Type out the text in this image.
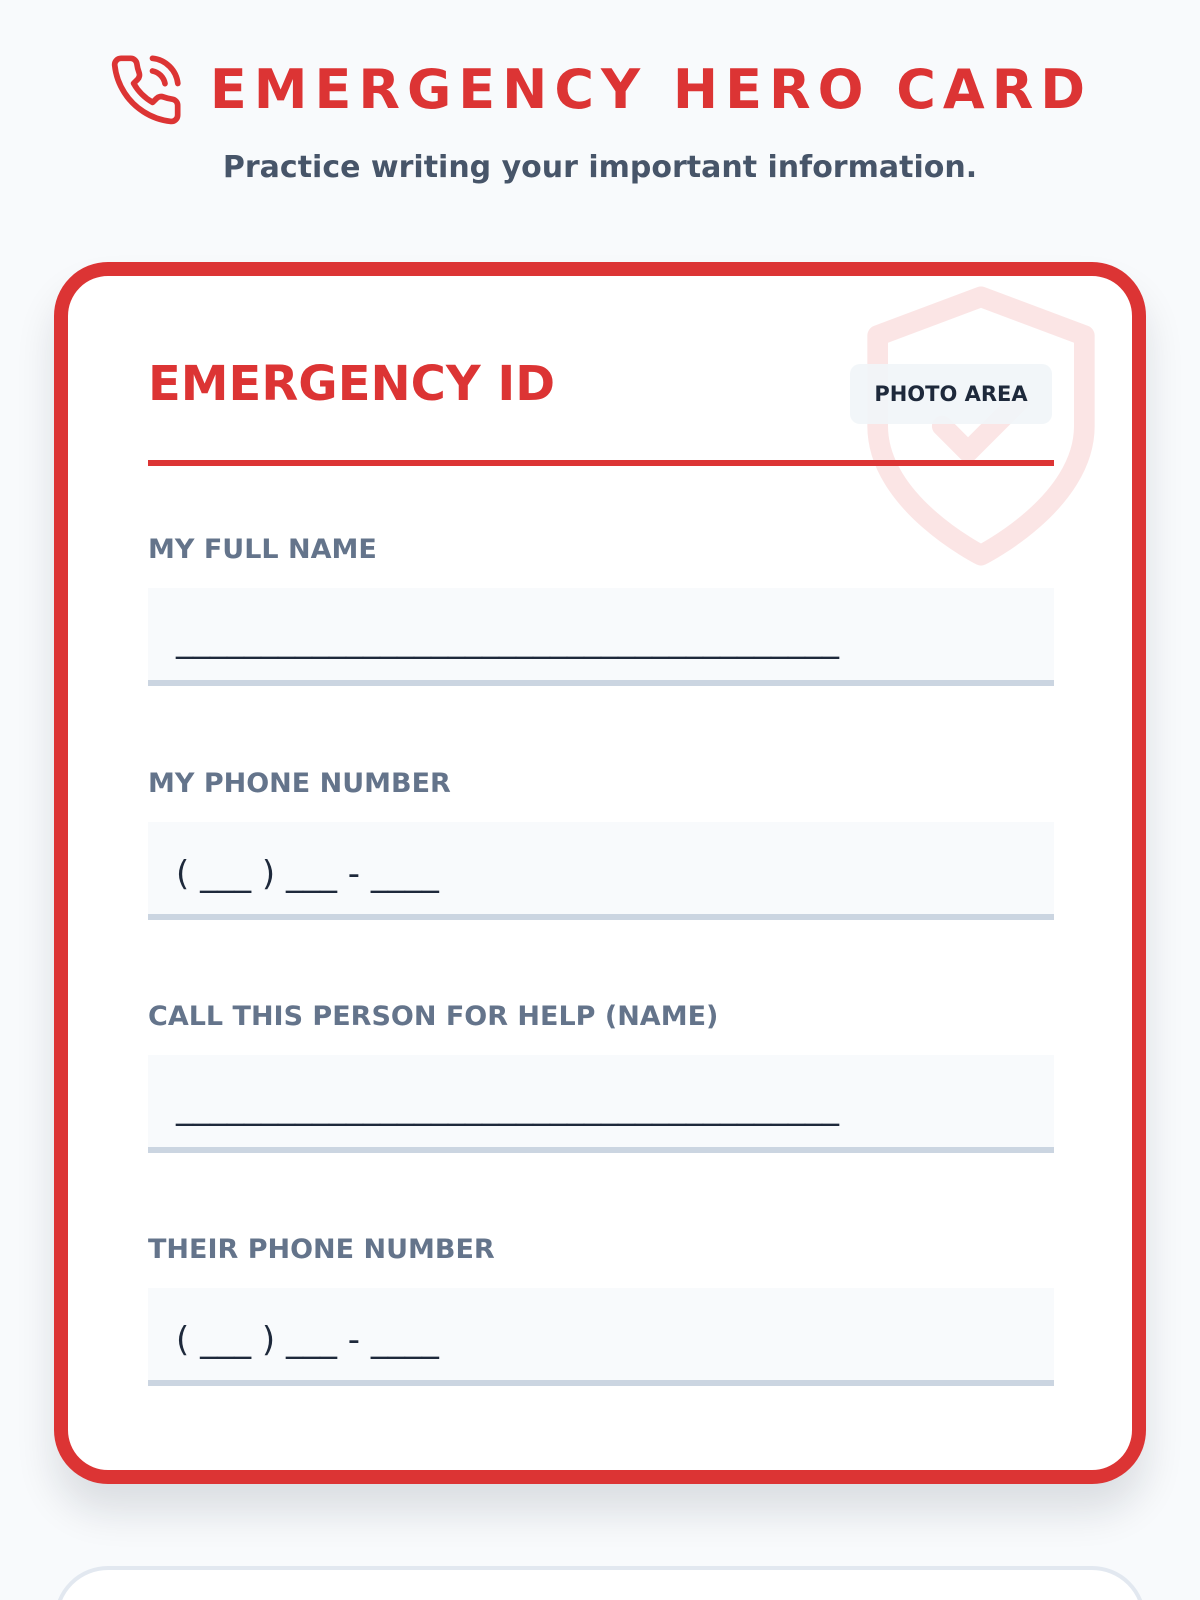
EMERGENCY HERO CARD
Practice writing your important information.
EMERGENCY ID	PHOTO AREA
MY FULL NAME
_______________________________________
MY PHONE NUMBER
( ___ ) ___ - ____
CALL THIS PERSON FOR HELP (NAME)
_______________________________________
THEIR PHONE NUMBER
( ___ ) ___ - ____
